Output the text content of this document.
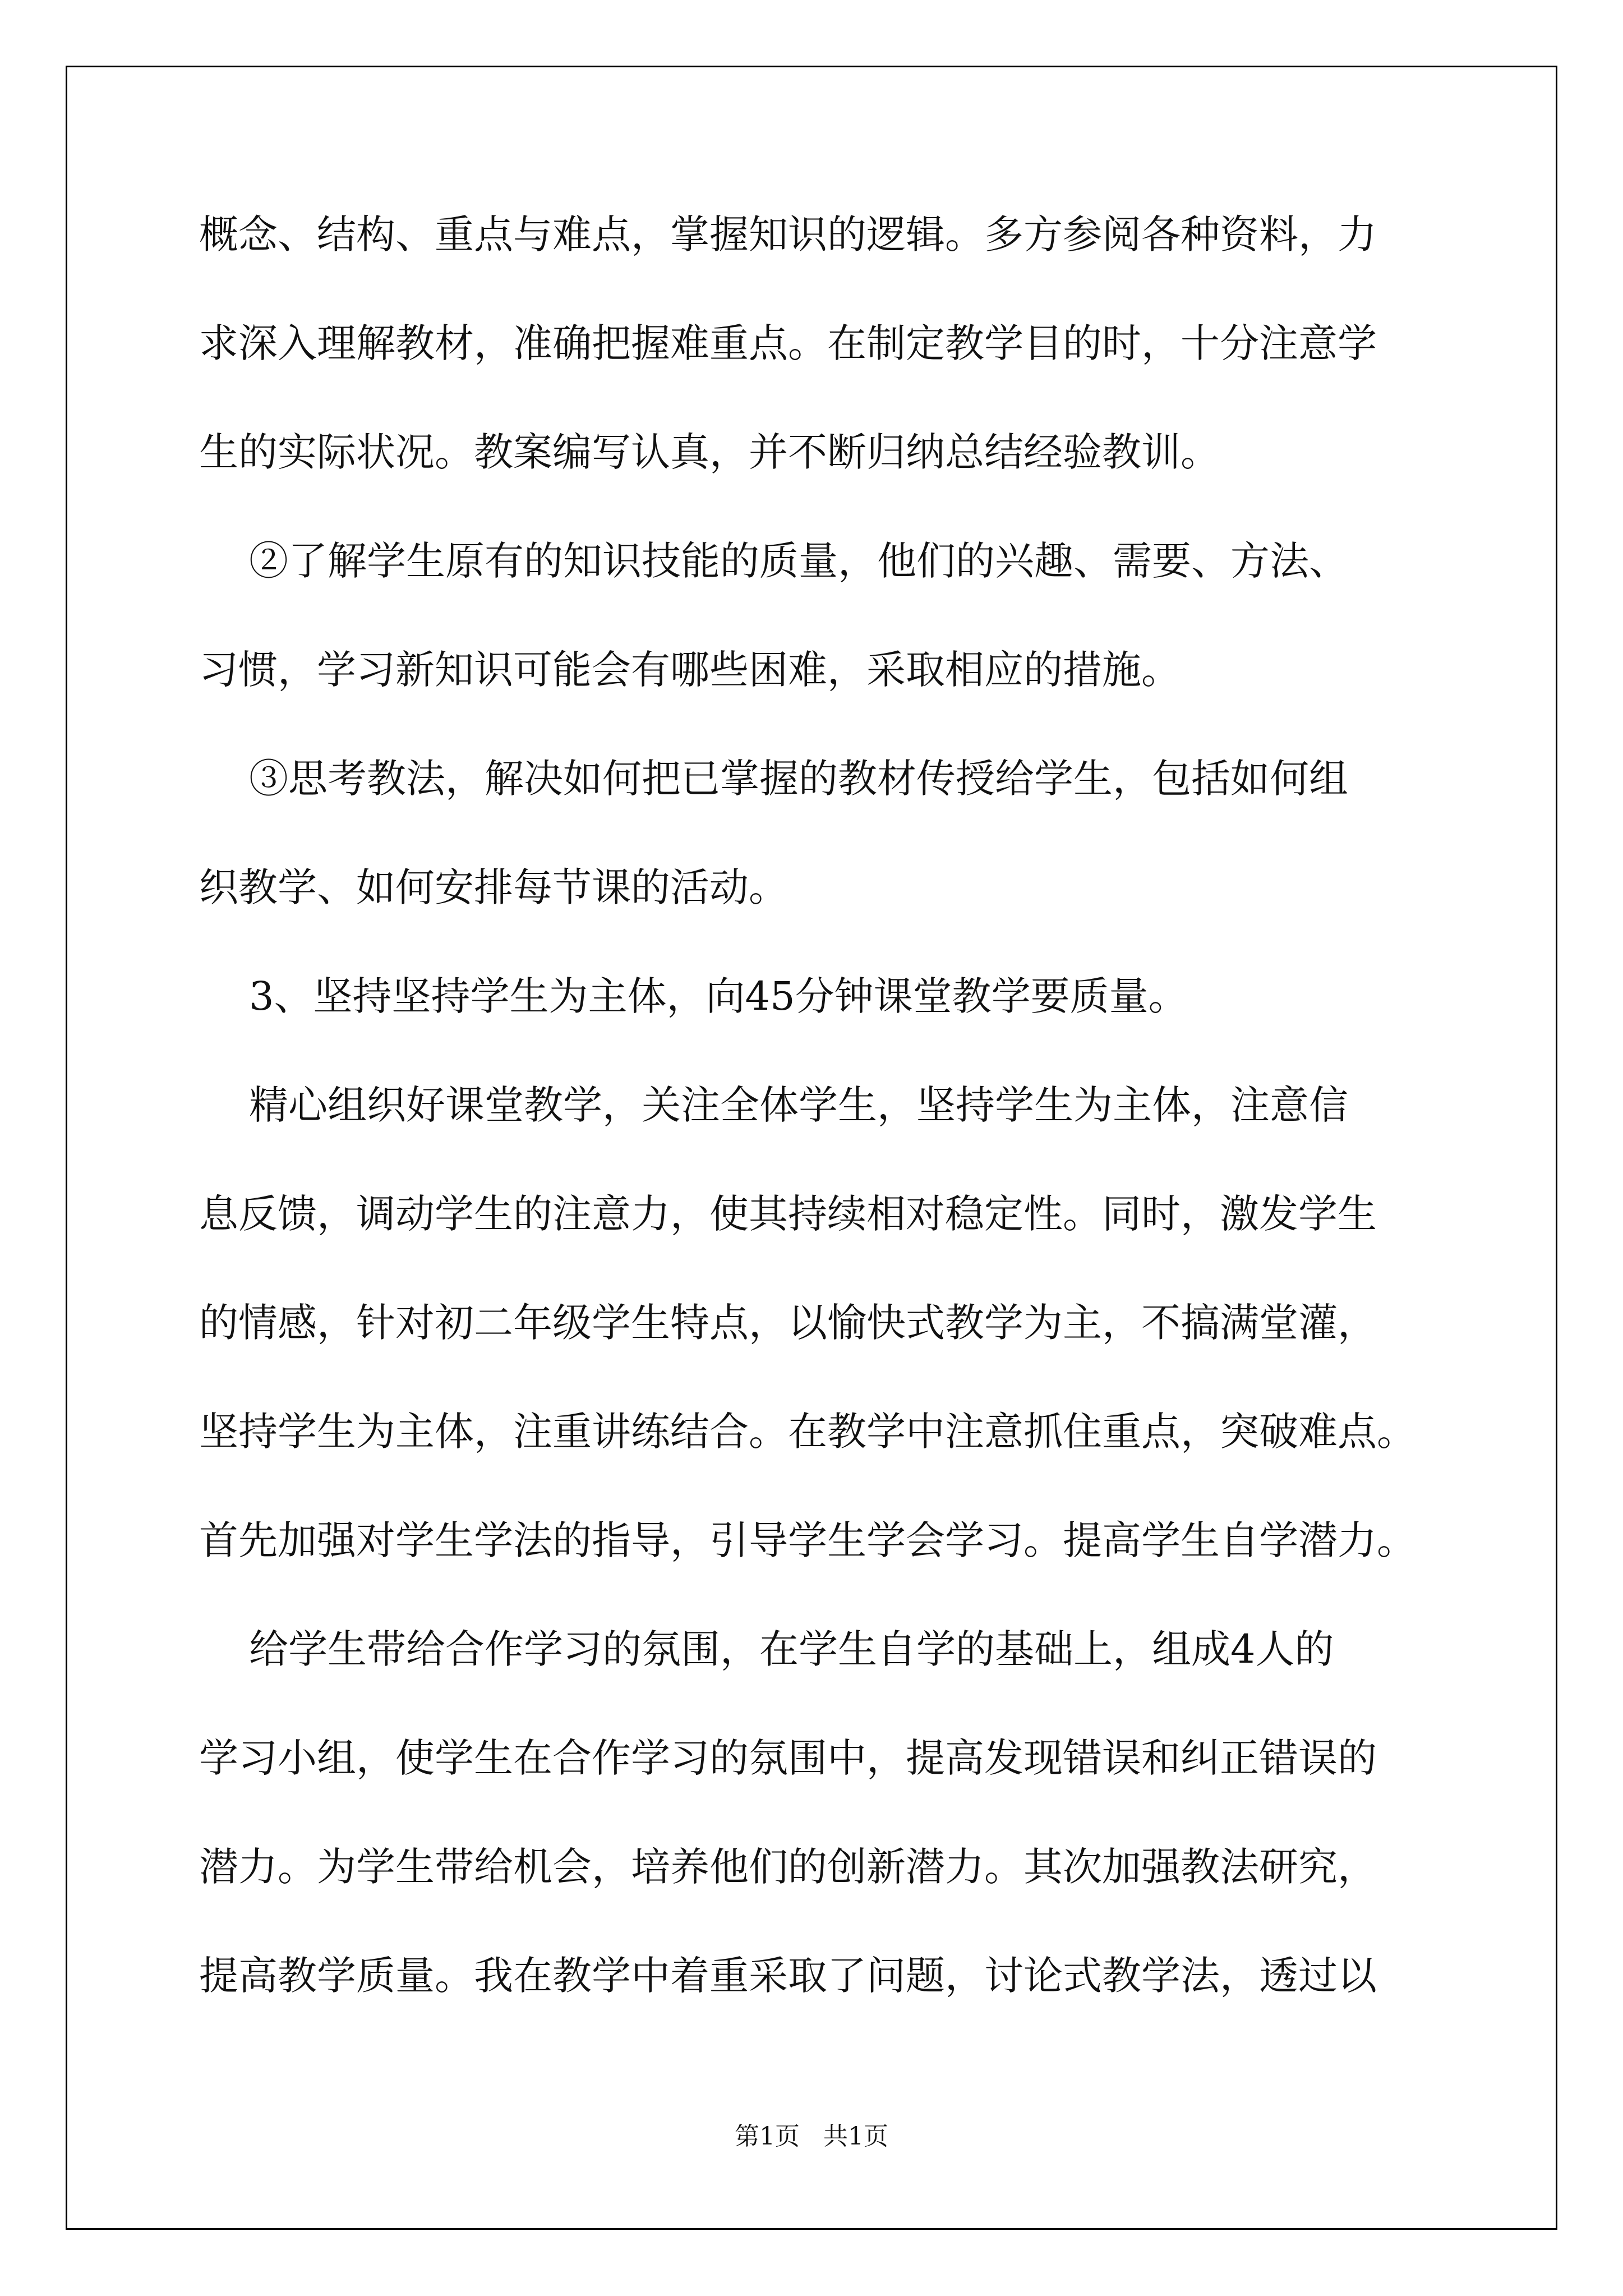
概念、结构、重点与难点，掌握知识的逻辑。多方参阅各种资料，力
求深入理解教材，准确把握难重点。在制定教学目的时，十分注意学
生的实际状况。教案编写认真，并不断归纳总结经验教训。
②了解学生原有的知识技能的质量，他们的兴趣、需要、方法、
习惯，学习新知识可能会有哪些困难，采取相应的措施。
③思考教法，解决如何把已掌握的教材传授给学生，包括如何组
织教学、如何安排每节课的活动。
3、坚持坚持学生为主体，向45分钟课堂教学要质量。
精心组织好课堂教学，关注全体学生，坚持学生为主体，注意信
息反馈，调动学生的注意力，使其持续相对稳定性。同时，激发学生
的情感，针对初二年级学生特点，以愉快式教学为主，不搞满堂灌，
坚持学生为主体，注重讲练结合。在教学中注意抓住重点，突破难点。
首先加强对学生学法的指导，引导学生学会学习。提高学生自学潜力。
给学生带给合作学习的氛围，在学生自学的基础上，组成4人的
学习小组，使学生在合作学习的氛围中，提高发现错误和纠正错误的
潜力。为学生带给机会，培养他们的创新潜力。其次加强教法研究，
提高教学质量。我在教学中着重采取了问题，讨论式教学法，透过以
第1页   共1页
